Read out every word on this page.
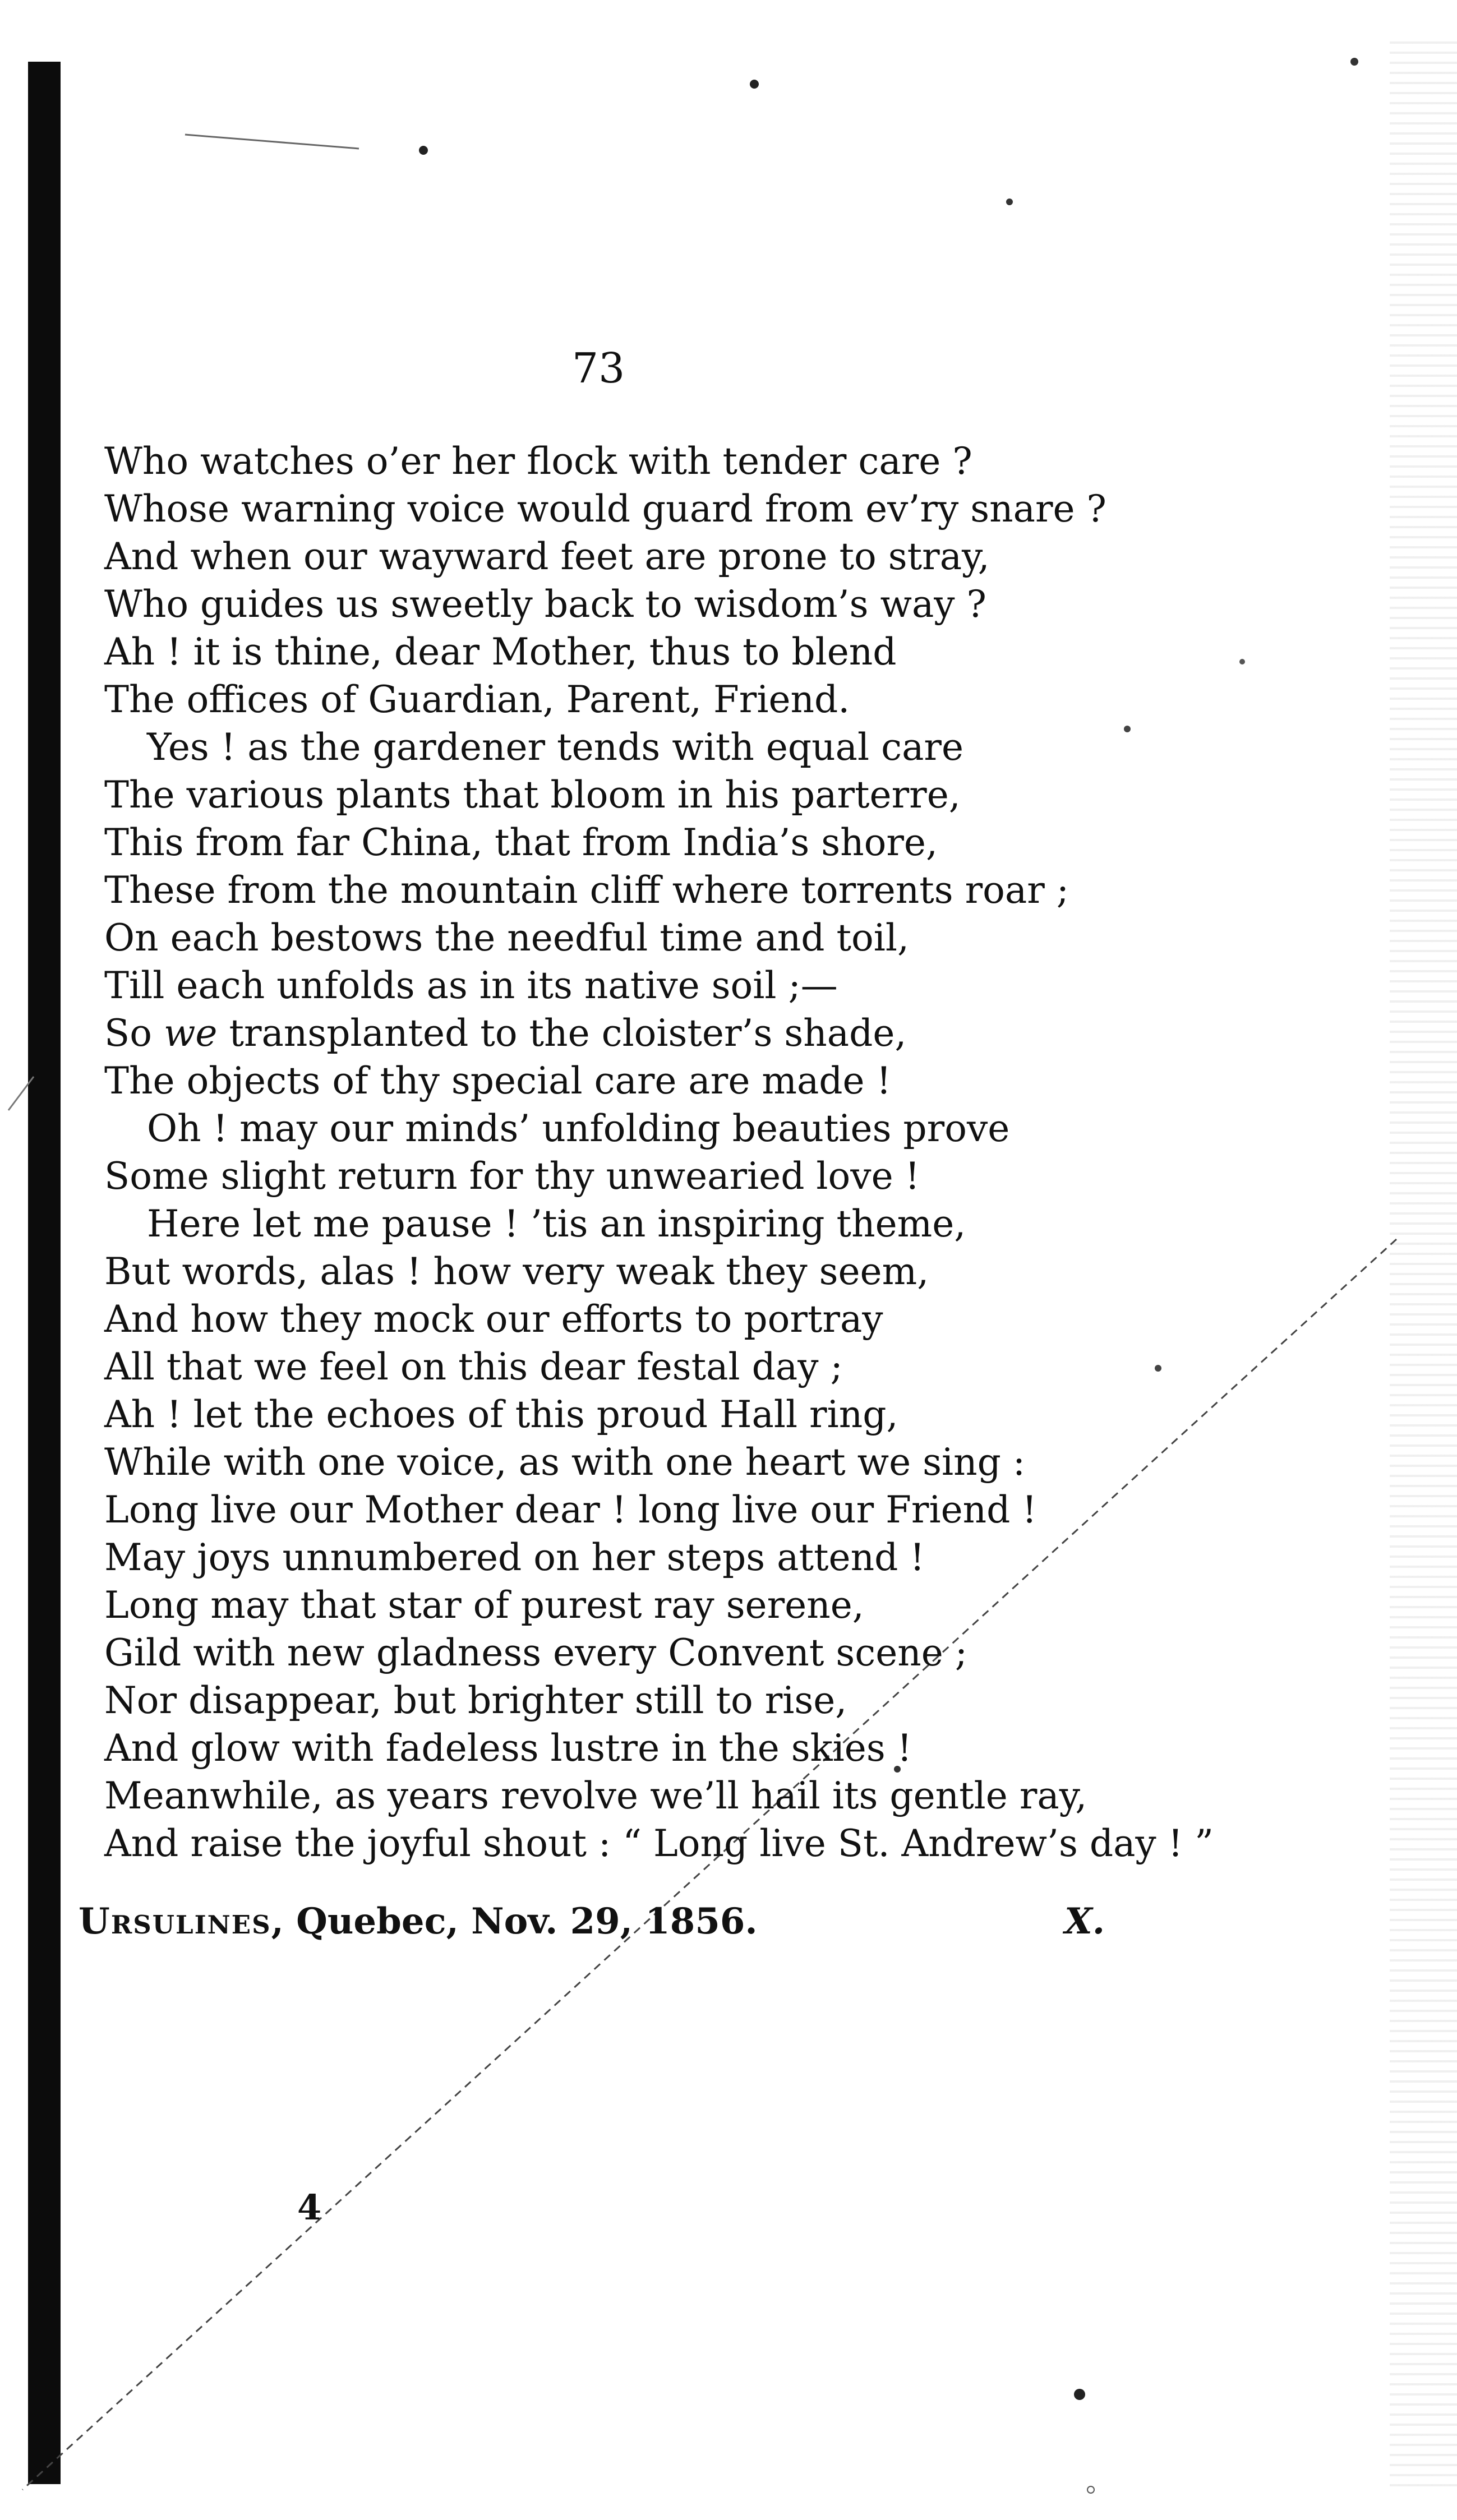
73
Who watches o’er her flock with tender care ?
Whose warning voice would guard from ev’ry snare ?
And when our wayward feet are prone to stray,
Who guides us sweetly back to wisdom’s way ?
Ah ! it is thine, dear Mother, thus to blend
The offices of Guardian, Parent, Friend.
Yes ! as the gardener tends with equal care
The various plants that bloom in his parterre,
This from far China, that from India’s shore,
These from the mountain cliff where torrents roar ;
On each bestows the needful time and toil,
Till each unfolds as in its native soil ;—
So we transplanted to the cloister’s shade,
The objects of thy special care are made !
Oh ! may our minds’ unfolding beauties prove
Some slight return for thy unwearied love !
Here let me pause ! ’tis an inspiring theme,
But words, alas ! how very weak they seem,
And how they mock our efforts to portray
All that we feel on this dear festal day ;
Ah ! let the echoes of this proud Hall ring,
While with one voice, as with one heart we sing :
Long live our Mother dear ! long live our Friend !
May joys unnumbered on her steps attend !
Long may that star of purest ray serene,
Gild with new gladness every Convent scene ;
Nor disappear, but brighter still to rise,
And glow with fadeless lustre in the skies !
Meanwhile, as years revolve we’ll hail its gentle ray,
And raise the joyful shout : “ Long live St. Andrew’s day ! ”
Ursulines, Quebec, Nov. 29, 1856.	X.
4
